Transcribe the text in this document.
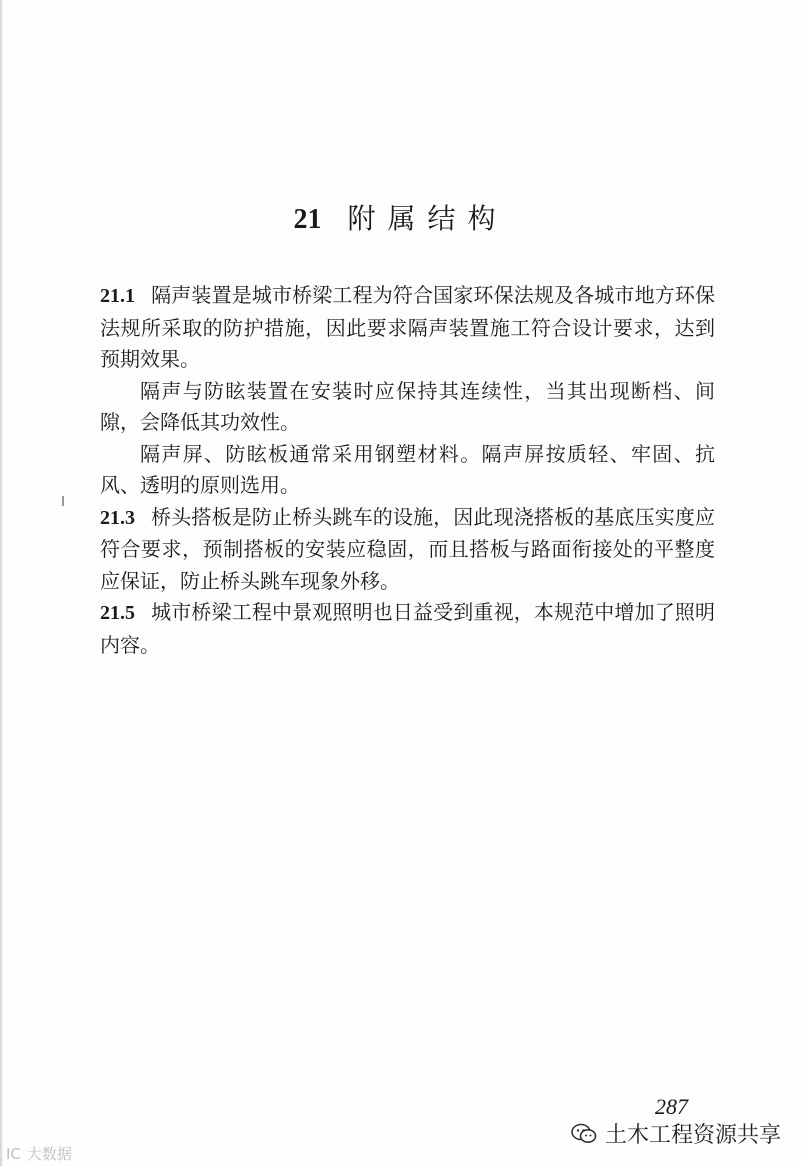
21 附属结构

21.1 隔声装置是城市桥梁工程为符合国家环保法规及各城市地方环保法规所采取的防护措施，因此要求隔声装置施工符合设计要求，达到预期效果。

隔声与防眩装置在安装时应保持其连续性，当其出现断档、间隙，会降低其功效性。

隔声屏、防眩板通常采用钢塑材料。隔声屏按质轻、牢固、抗风、透明的原则选用。

21.3 桥头搭板是防止桥头跳车的设施，因此现浇搭板的基底压实度应符合要求，预制搭板的安装应稳固，而且搭板与路面衔接处的平整度应保证，防止桥头跳车现象外移。

21.5 城市桥梁工程中景观照明也日益受到重视，本规范中增加了照明内容。

287
土木工程资源共享
IC 大数据
